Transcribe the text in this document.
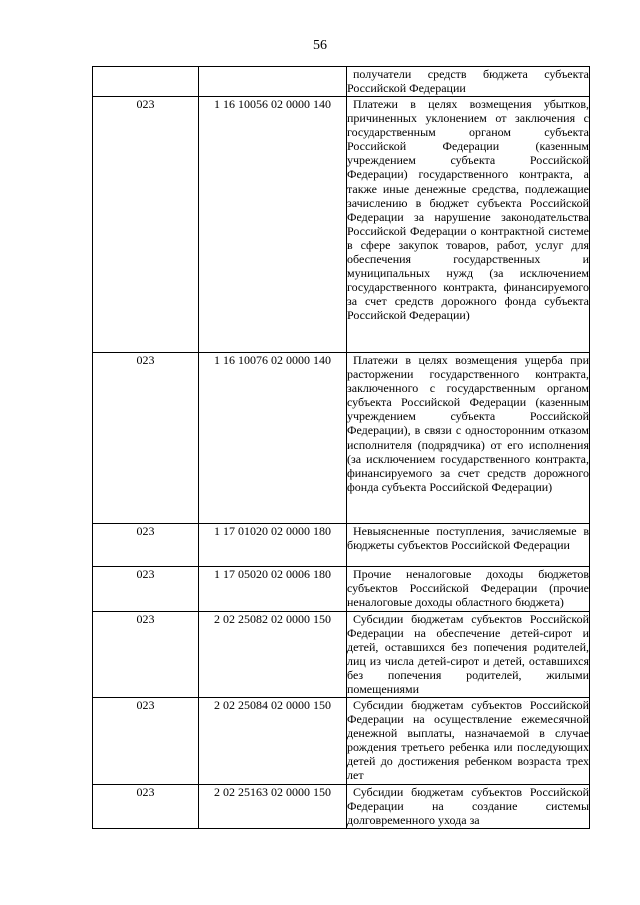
56

		получатели средств бюджета субъекта Российской Федерации

023	1 16 10056 02 0000 140	Платежи в целях возмещения убытков, причиненных уклонением от заключения с государственным органом субъекта Российской Федерации (казенным учреждением субъекта Российской Федерации) государственного контракта, а также иные денежные средства, подлежащие зачислению в бюджет субъекта Российской Федерации за нарушение законодательства Российской Федерации о контрактной системе в сфере закупок товаров, работ, услуг для обеспечения государственных и муниципальных нужд (за исключением государственного контракта, финансируемого за счет средств дорожного фонда субъекта Российской Федерации)

023	1 16 10076 02 0000 140	Платежи в целях возмещения ущерба при расторжении государственного контракта, заключенного с государственным органом субъекта Российской Федерации (казенным учреждением субъекта Российской Федерации), в связи с односторонним отказом исполнителя (подрядчика) от его исполнения (за исключением государственного контракта, финансируемого за счет средств дорожного фонда субъекта Российской Федерации)

023	1 17 01020 02 0000 180	Невыясненные поступления, зачисляемые в бюджеты субъектов Российской Федерации

023	1 17 05020 02 0006 180	Прочие неналоговые доходы бюджетов субъектов Российской Федерации (прочие неналоговые доходы областного бюджета)

023	2 02 25082 02 0000 150	Субсидии бюджетам субъектов Российской Федерации на обеспечение детей-сирот и детей, оставшихся без попечения родителей, лиц из числа детей-сирот и детей, оставшихся без попечения родителей, жилыми помещениями

023	2 02 25084 02 0000 150	Субсидии бюджетам субъектов Российской Федерации на осуществление ежемесячной денежной выплаты, назначаемой в случае рождения третьего ребенка или последующих детей до достижения ребенком возраста трех лет

023	2 02 25163 02 0000 150	Субсидии бюджетам субъектов Российской Федерации на создание системы долговременного ухода за
